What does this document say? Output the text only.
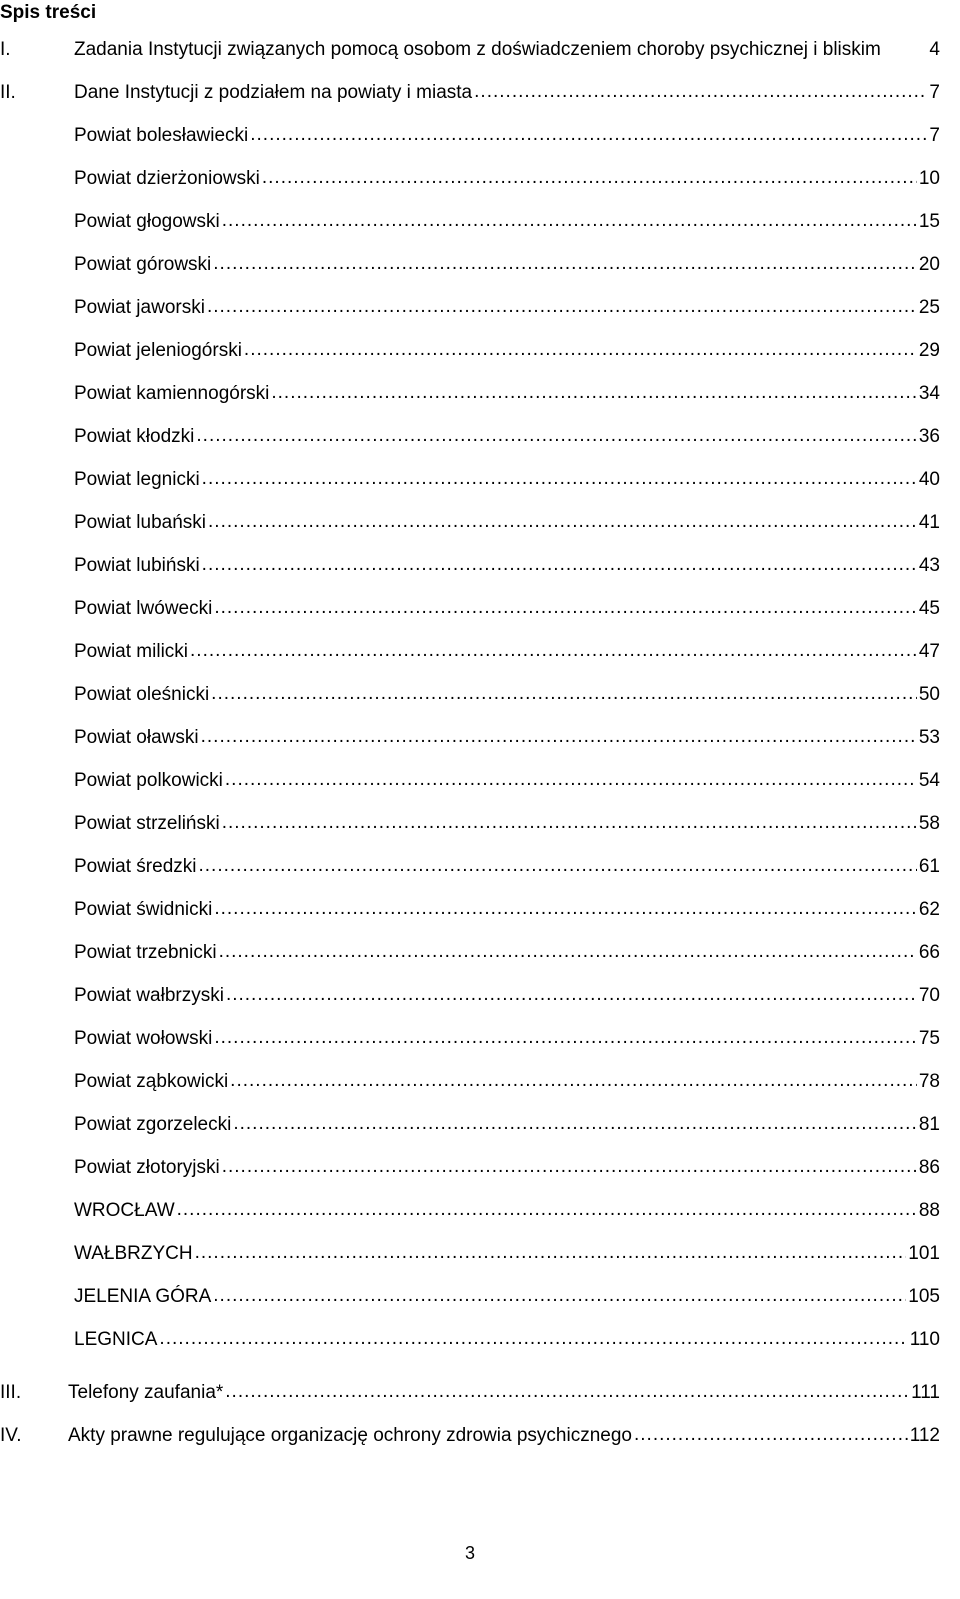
Spis treści
I.	Zadania Instytucji związanych pomocą osobom z doświadczeniem choroby psychicznej i bliskim	4
II.	Dane Instytucji z podziałem na powiaty i miasta .....	7
Powiat bolesławiecki .....	7
Powiat dzierżoniowski .....	10
Powiat głogowski .....	15
Powiat górowski .....	20
Powiat jaworski .....	25
Powiat jeleniogórski .....	29
Powiat kamiennogórski .....	34
Powiat kłodzki .....	36
Powiat legnicki .....	40
Powiat lubański .....	41
Powiat lubiński .....	43
Powiat lwówecki .....	45
Powiat milicki .....	47
Powiat oleśnicki .....	50
Powiat oławski .....	53
Powiat polkowicki .....	54
Powiat strzeliński .....	58
Powiat średzki .....	61
Powiat świdnicki .....	62
Powiat trzebnicki .....	66
Powiat wałbrzyski .....	70
Powiat wołowski .....	75
Powiat ząbkowicki .....	78
Powiat zgorzelecki .....	81
Powiat złotoryjski .....	86
WROCŁAW .....	88
WAŁBRZYCH .....	101
JELENIA GÓRA .....	105
LEGNICA .....	110
III.	Telefony zaufania* .....	111
IV.	Akty prawne regulujące organizację ochrony zdrowia psychicznego .....	112
3
